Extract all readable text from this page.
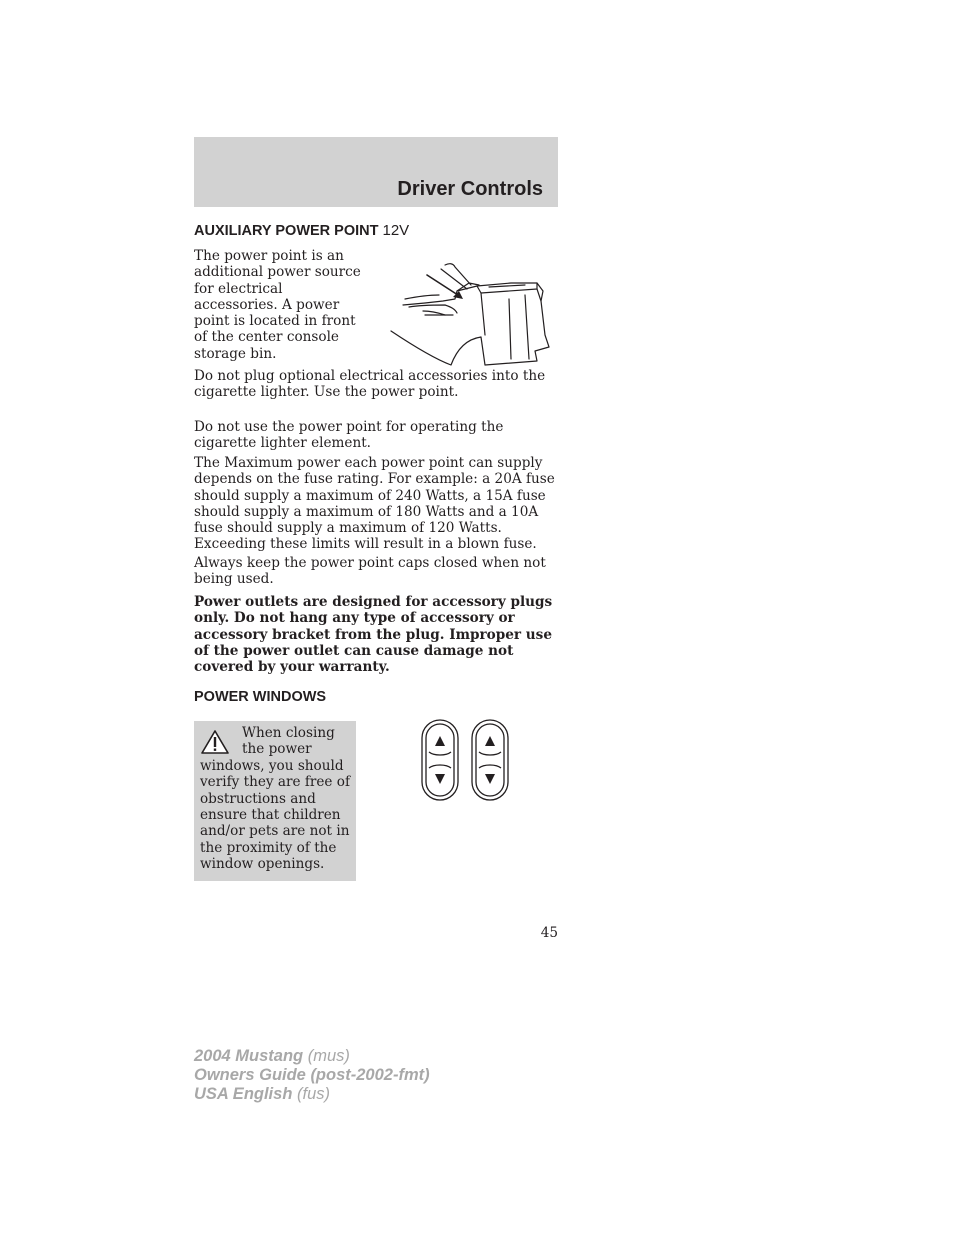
Driver Controls
AUXILIARY POWER POINT 12V

The power point is an additional power source for electrical accessories. A power point is located in front of the center console storage bin.

Do not plug optional electrical accessories into the cigarette lighter. Use the power point.

Do not use the power point for operating the cigarette lighter element.

The Maximum power each power point can supply depends on the fuse rating. For example: a 20A fuse should supply a maximum of 240 Watts, a 15A fuse should supply a maximum of 180 Watts and a 10A fuse should supply a maximum of 120 Watts. Exceeding these limits will result in a blown fuse.

Always keep the power point caps closed when not being used.

Power outlets are designed for accessory plugs only. Do not hang any type of accessory or accessory bracket from the plug. Improper use of the power outlet can cause damage not covered by your warranty.

POWER WINDOWS

When closing the power windows, you should verify they are free of obstructions and ensure that children and/or pets are not in the proximity of the window openings.

45
2004 Mustang (mus)
Owners Guide (post-2002-fmt)
USA English (fus)
